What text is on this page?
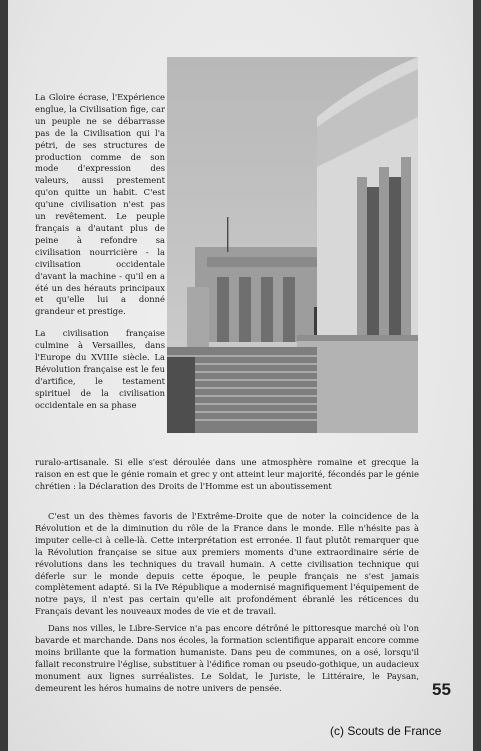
La Gloire écrase, l'Expérience englue, la Civilisation fige, car un peuple ne se débarrasse pas de la Civilisation qui l'a pétri, de ses structures de production comme de son mode d'expression des valeurs, aussi prestement qu'on quitte un habit. C'est qu'une civilisation n'est pas un revêtement. Le peuple français a d'autant plus de peine à refondre sa civilisation nourricière - la civilisation occidentale d'avant la machine - qu'il en a été un des hérauts principaux et qu'elle lui a donné grandeur et prestige.

La civilisation française culmine à Versailles, dans l'Europe du XVIIIe siècle. La Révolution française est le feu d'artifice, le testament spirituel de la civilisation occidentale en sa phase

ruralo-artisanale. Si elle s'est déroulée dans une atmosphère romaine et grecque la raison en est que le génie romain et grec y ont atteint leur majorité, fécondés par le génie chrétien : la Déclaration des Droits de l'Homme est un aboutissement

C'est un des thèmes favoris de l'Extrême-Droite que de noter la coincidence de la Révolution et de la diminution du rôle de la France dans le monde. Elle n'hésite pas à imputer celle-ci à celle-là. Cette interprétation est erronée. Il faut plutôt remarquer que la Révolution française se situe aux premiers moments d'une extraordinaire série de révolutions dans les techniques du travail humain. A cette civilisation technique qui déferle sur le monde depuis cette époque, le peuple français ne s'est jamais complètement adapté. Si la IVe République a modernisé magnifiquement l'équipement de notre pays, il n'est pas certain qu'elle ait profondément ébranlé les réticences du Français devant les nouveaux modes de vie et de travail.

Dans nos villes, le Libre-Service n'a pas encore détrôné le pittoresque marché où l'on bavarde et marchande. Dans nos écoles, la formation scientifique apparait encore comme moins brillante que la formation humaniste. Dans peu de communes, on a osé, lorsqu'il fallait reconstruire l'église, substituer à l'édifice roman ou pseudo-gothique, un audacieux monument aux lignes surréalistes. Le Soldat, le Juriste, le Littéraire, le Paysan, demeurent les héros humains de notre univers de pensée.	55
(c) Scouts de France
